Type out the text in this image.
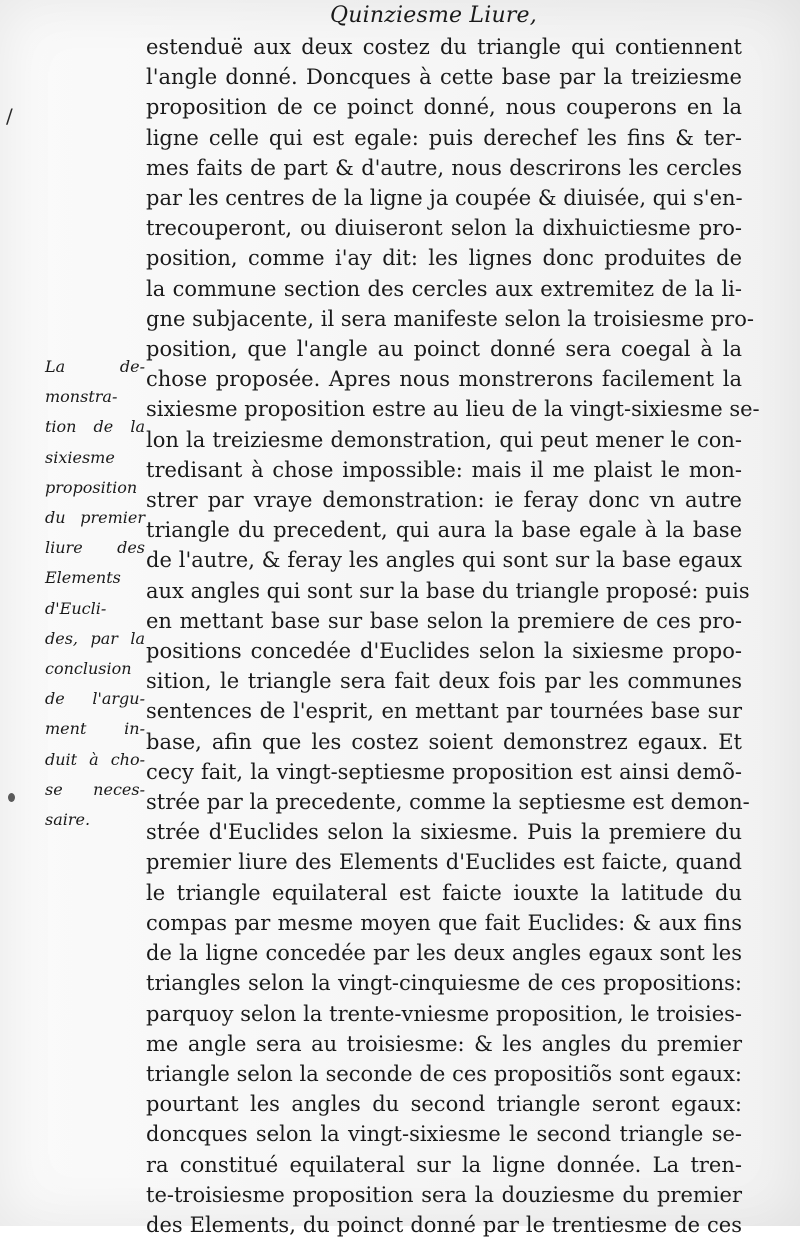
Quinziesme Liure,
/
La de-
monstra-
tion de la
sixiesme
proposition
du premier
liure des
Elements
d'Eucli-
des, par la
conclusion
de l'argu-
ment in-
duit à cho-
se neces-
saire.
estenduë aux deux costez du triangle qui contiennent
l'angle donné. Doncques à cette base par la treiziesme
proposition de ce poinct donné, nous couperons en la
ligne celle qui est egale: puis derechef les fins & ter-
mes faits de part & d'autre, nous descrirons les cercles
par les centres de la ligne ja coupée & diuisée, qui s'en-
trecouperont, ou diuiseront selon la dixhuictiesme pro-
position, comme i'ay dit: les lignes donc produites de
la commune section des cercles aux extremitez de la li-
gne subjacente, il sera manifeste selon la troisiesme pro-
position, que l'angle au poinct donné sera coegal à la
chose proposée. Apres nous monstrerons facilement la
sixiesme proposition estre au lieu de la vingt-sixiesme se-
lon la treiziesme demonstration, qui peut mener le con-
tredisant à chose impossible: mais il me plaist le mon-
strer par vraye demonstration: ie feray donc vn autre
triangle du precedent, qui aura la base egale à la base
de l'autre, & feray les angles qui sont sur la base egaux
aux angles qui sont sur la base du triangle proposé: puis
en mettant base sur base selon la premiere de ces pro-
positions concedée d'Euclides selon la sixiesme propo-
sition, le triangle sera fait deux fois par les communes
sentences de l'esprit, en mettant par tournées base sur
base, afin que les costez soient demonstrez egaux. Et
cecy fait, la vingt-septiesme proposition est ainsi demõ-
strée par la precedente, comme la septiesme est demon-
strée d'Euclides selon la sixiesme. Puis la premiere du
premier liure des Elements d'Euclides est faicte, quand
le triangle equilateral est faicte iouxte la latitude du
compas par mesme moyen que fait Euclides: & aux fins
de la ligne concedée par les deux angles egaux sont les
triangles selon la vingt-cinquiesme de ces propositions:
parquoy selon la trente-vniesme proposition, le troisies-
me angle sera au troisiesme: & les angles du premier
triangle selon la seconde de ces propositiõs sont egaux:
pourtant les angles du second triangle seront egaux:
doncques selon la vingt-sixiesme le second triangle se-
ra constitué equilateral sur la ligne donnée. La tren-
te-troisiesme proposition sera la douziesme du premier
des Elements, du poinct donné par le trentiesme de ces
